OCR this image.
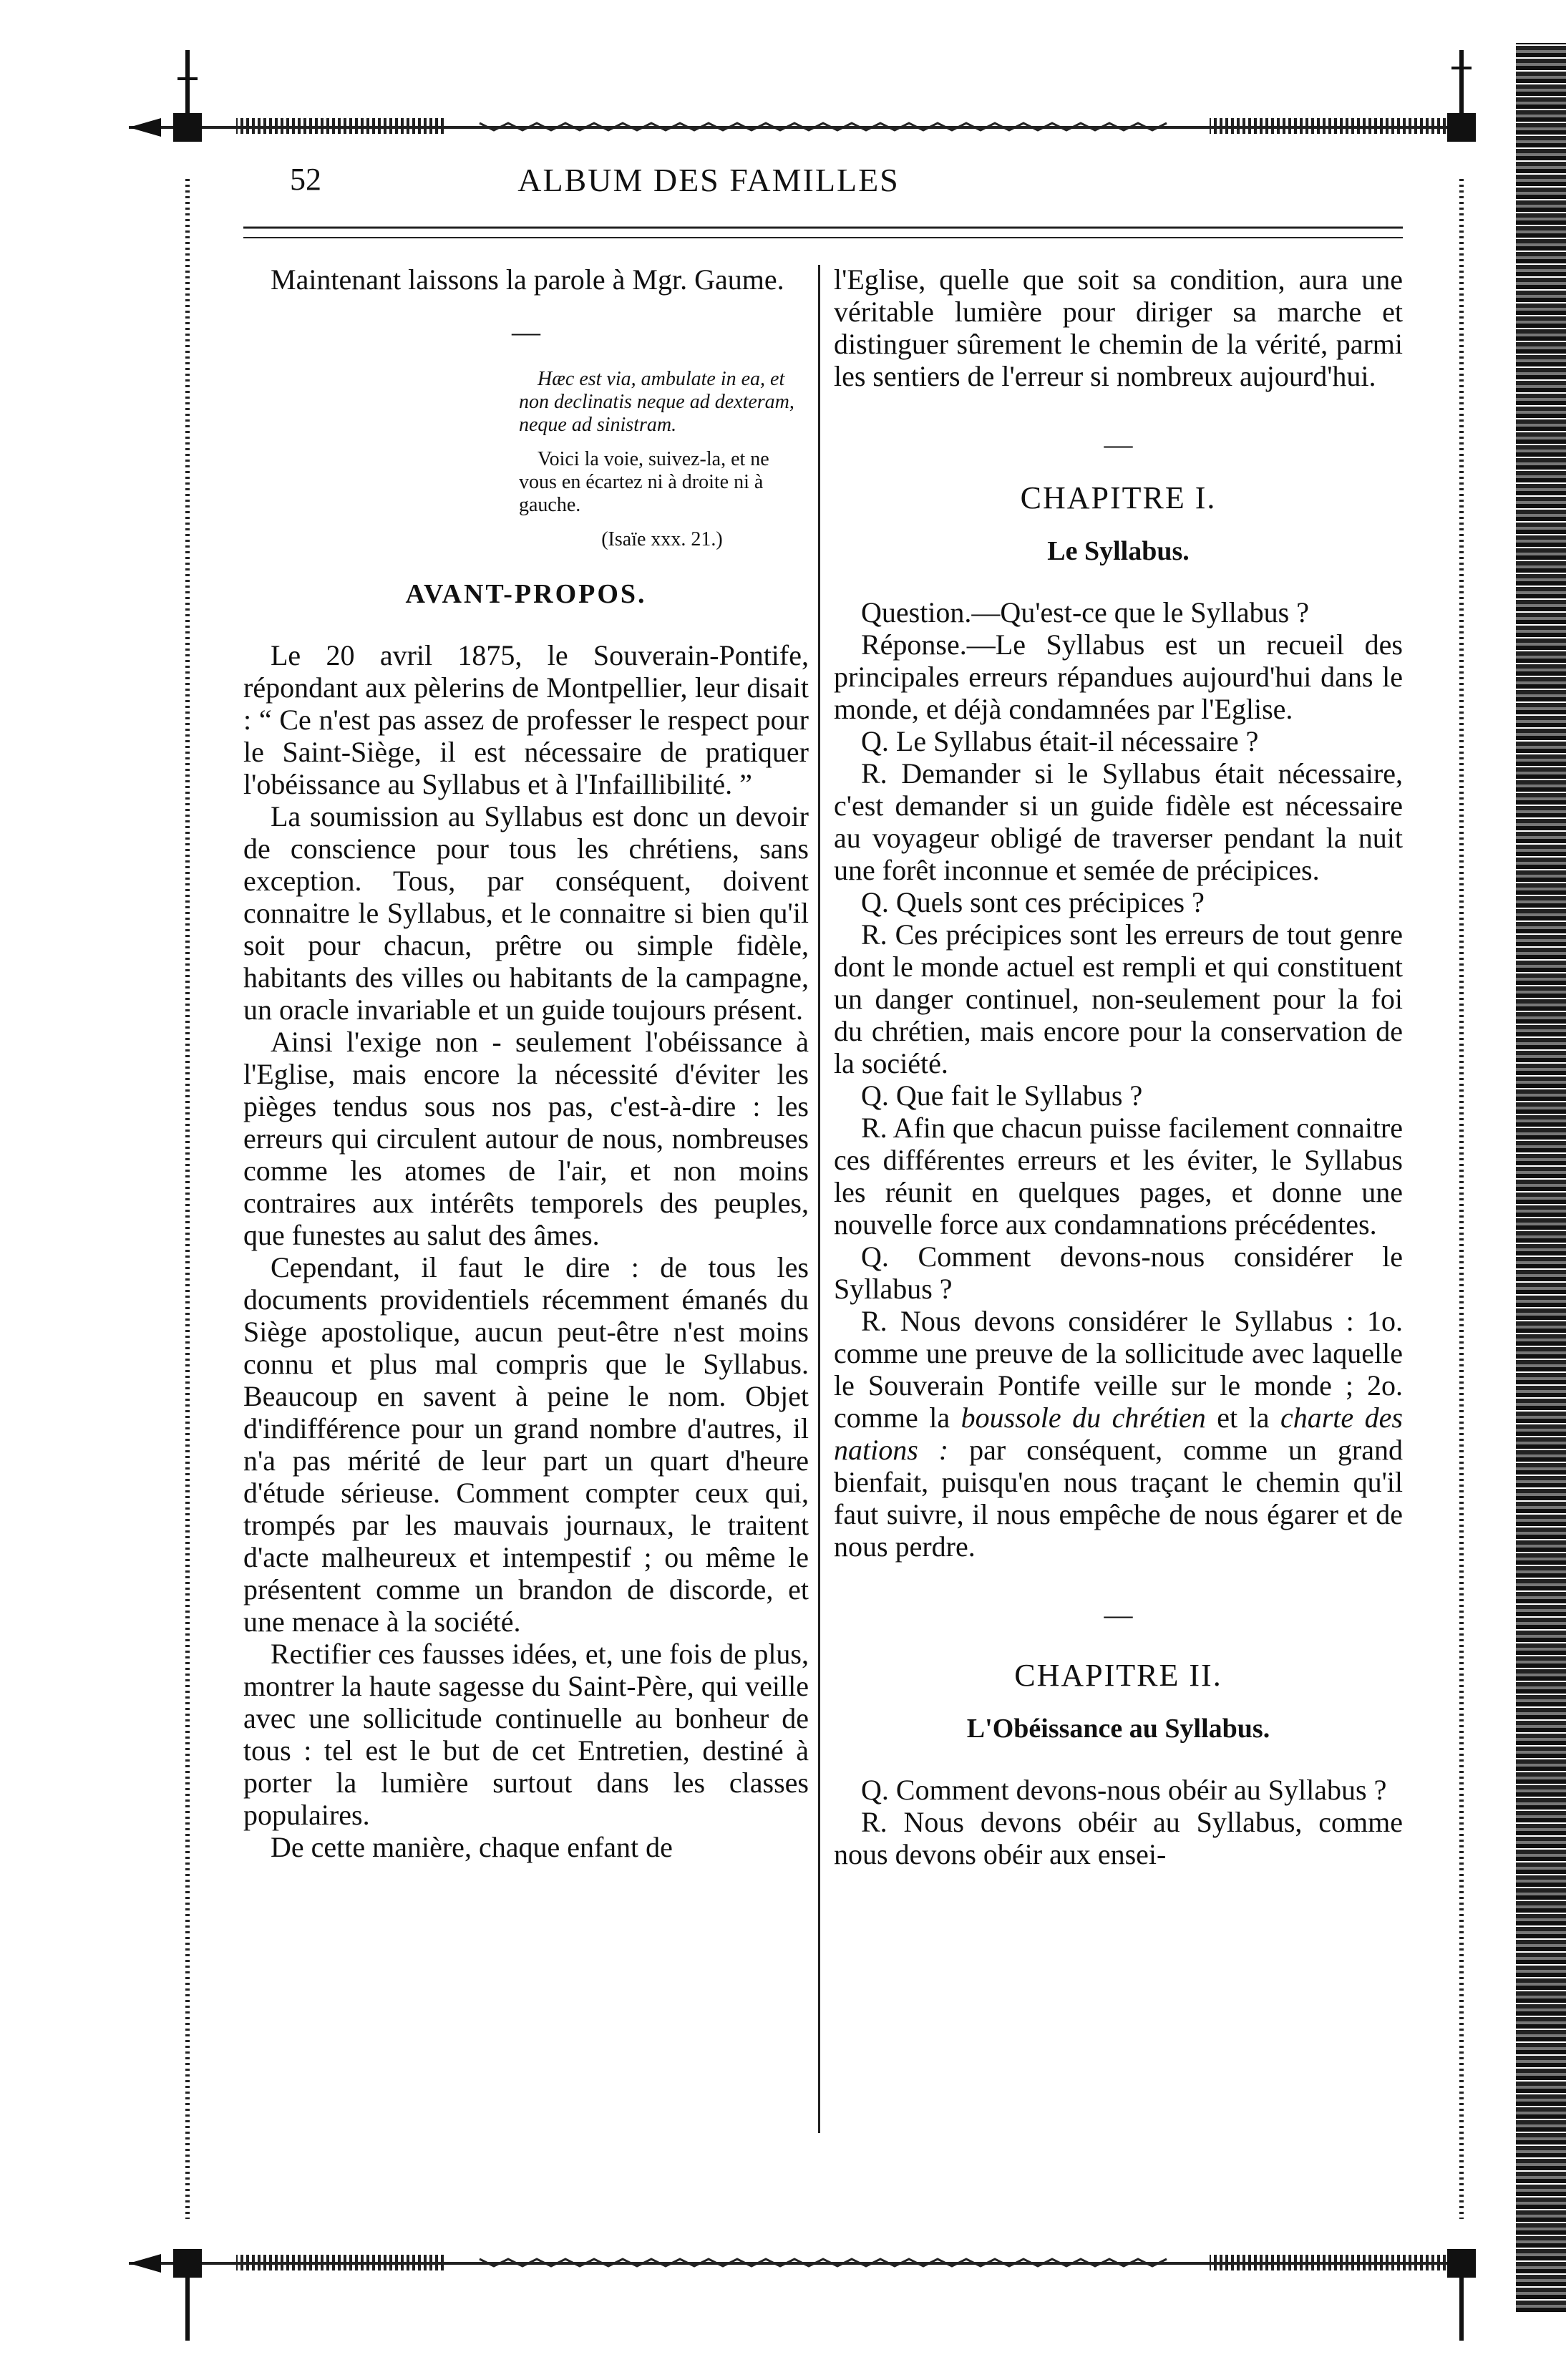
52	ALBUM DES FAMILLES

Maintenant laissons la parole à Mgr. Gaume.

—

Hæc est via, ambulate in ea, et non declinatis neque ad dexteram, neque ad sinistram.

Voici la voie, suivez-la, et ne vous en écartez ni à droite ni à gauche.

(Isaïe xxx. 21.)

AVANT-PROPOS.

Le 20 avril 1875, le Souverain-Pontife, répondant aux pèlerins de Montpellier, leur disait : “ Ce n'est pas assez de professer le respect pour le Saint-Siège, il est nécessaire de pratiquer l'obéissance au Syllabus et à l'Infaillibilité. ”

La soumission au Syllabus est donc un devoir de conscience pour tous les chrétiens, sans exception. Tous, par conséquent, doivent connaitre le Syllabus, et le connaitre si bien qu'il soit pour chacun, prêtre ou simple fidèle, habitants des villes ou habitants de la campagne, un oracle invariable et un guide toujours présent.

Ainsi l'exige non - seulement l'obéissance à l'Eglise, mais encore la nécessité d'éviter les pièges tendus sous nos pas, c'est-à-dire : les erreurs qui circulent autour de nous, nombreuses comme les atomes de l'air, et non moins contraires aux intérêts temporels des peuples, que funestes au salut des âmes.

Cependant, il faut le dire : de tous les documents providentiels récemment émanés du Siège apostolique, aucun peut-être n'est moins connu et plus mal compris que le Syllabus. Beaucoup en savent à peine le nom. Objet d'indifférence pour un grand nombre d'autres, il n'a pas mérité de leur part un quart d'heure d'étude sérieuse. Comment compter ceux qui, trompés par les mauvais journaux, le traitent d'acte malheureux et intempestif ; ou même le présentent comme un brandon de discorde, et une menace à la société.

Rectifier ces fausses idées, et, une fois de plus, montrer la haute sagesse du Saint-Père, qui veille avec une sollicitude continuelle au bonheur de tous : tel est le but de cet Entretien, destiné à porter la lumière surtout dans les classes populaires.

De cette manière, chaque enfant de

l'Eglise, quelle que soit sa condition, aura une véritable lumière pour diriger sa marche et distinguer sûrement le chemin de la vérité, parmi les sentiers de l'erreur si nombreux aujourd'hui.

—
CHAPITRE I.
Le Syllabus.

Question.—Qu'est-ce que le Syllabus ?

Réponse.—Le Syllabus est un recueil des principales erreurs répandues aujourd'hui dans le monde, et déjà condamnées par l'Eglise.

Q. Le Syllabus était-il nécessaire ?

R. Demander si le Syllabus était nécessaire, c'est demander si un guide fidèle est nécessaire au voyageur obligé de traverser pendant la nuit une forêt inconnue et semée de précipices.

Q. Quels sont ces précipices ?

R. Ces précipices sont les erreurs de tout genre dont le monde actuel est rempli et qui constituent un danger continuel, non-seulement pour la foi du chrétien, mais encore pour la conservation de la société.

Q. Que fait le Syllabus ?

R. Afin que chacun puisse facilement connaitre ces différentes erreurs et les éviter, le Syllabus les réunit en quelques pages, et donne une nouvelle force aux condamnations précédentes.

Q. Comment devons-nous considérer le Syllabus ?

R. Nous devons considérer le Syllabus : 1o. comme une preuve de la sollicitude avec laquelle le Souverain Pontife veille sur le monde ; 2o. comme la boussole du chrétien et la charte des nations : par conséquent, comme un grand bienfait, puisqu'en nous traçant le chemin qu'il faut suivre, il nous empêche de nous égarer et de nous perdre.

—
CHAPITRE II.
L'Obéissance au Syllabus.

Q. Comment devons-nous obéir au Syllabus ?

R. Nous devons obéir au Syllabus, comme nous devons obéir aux ensei-
